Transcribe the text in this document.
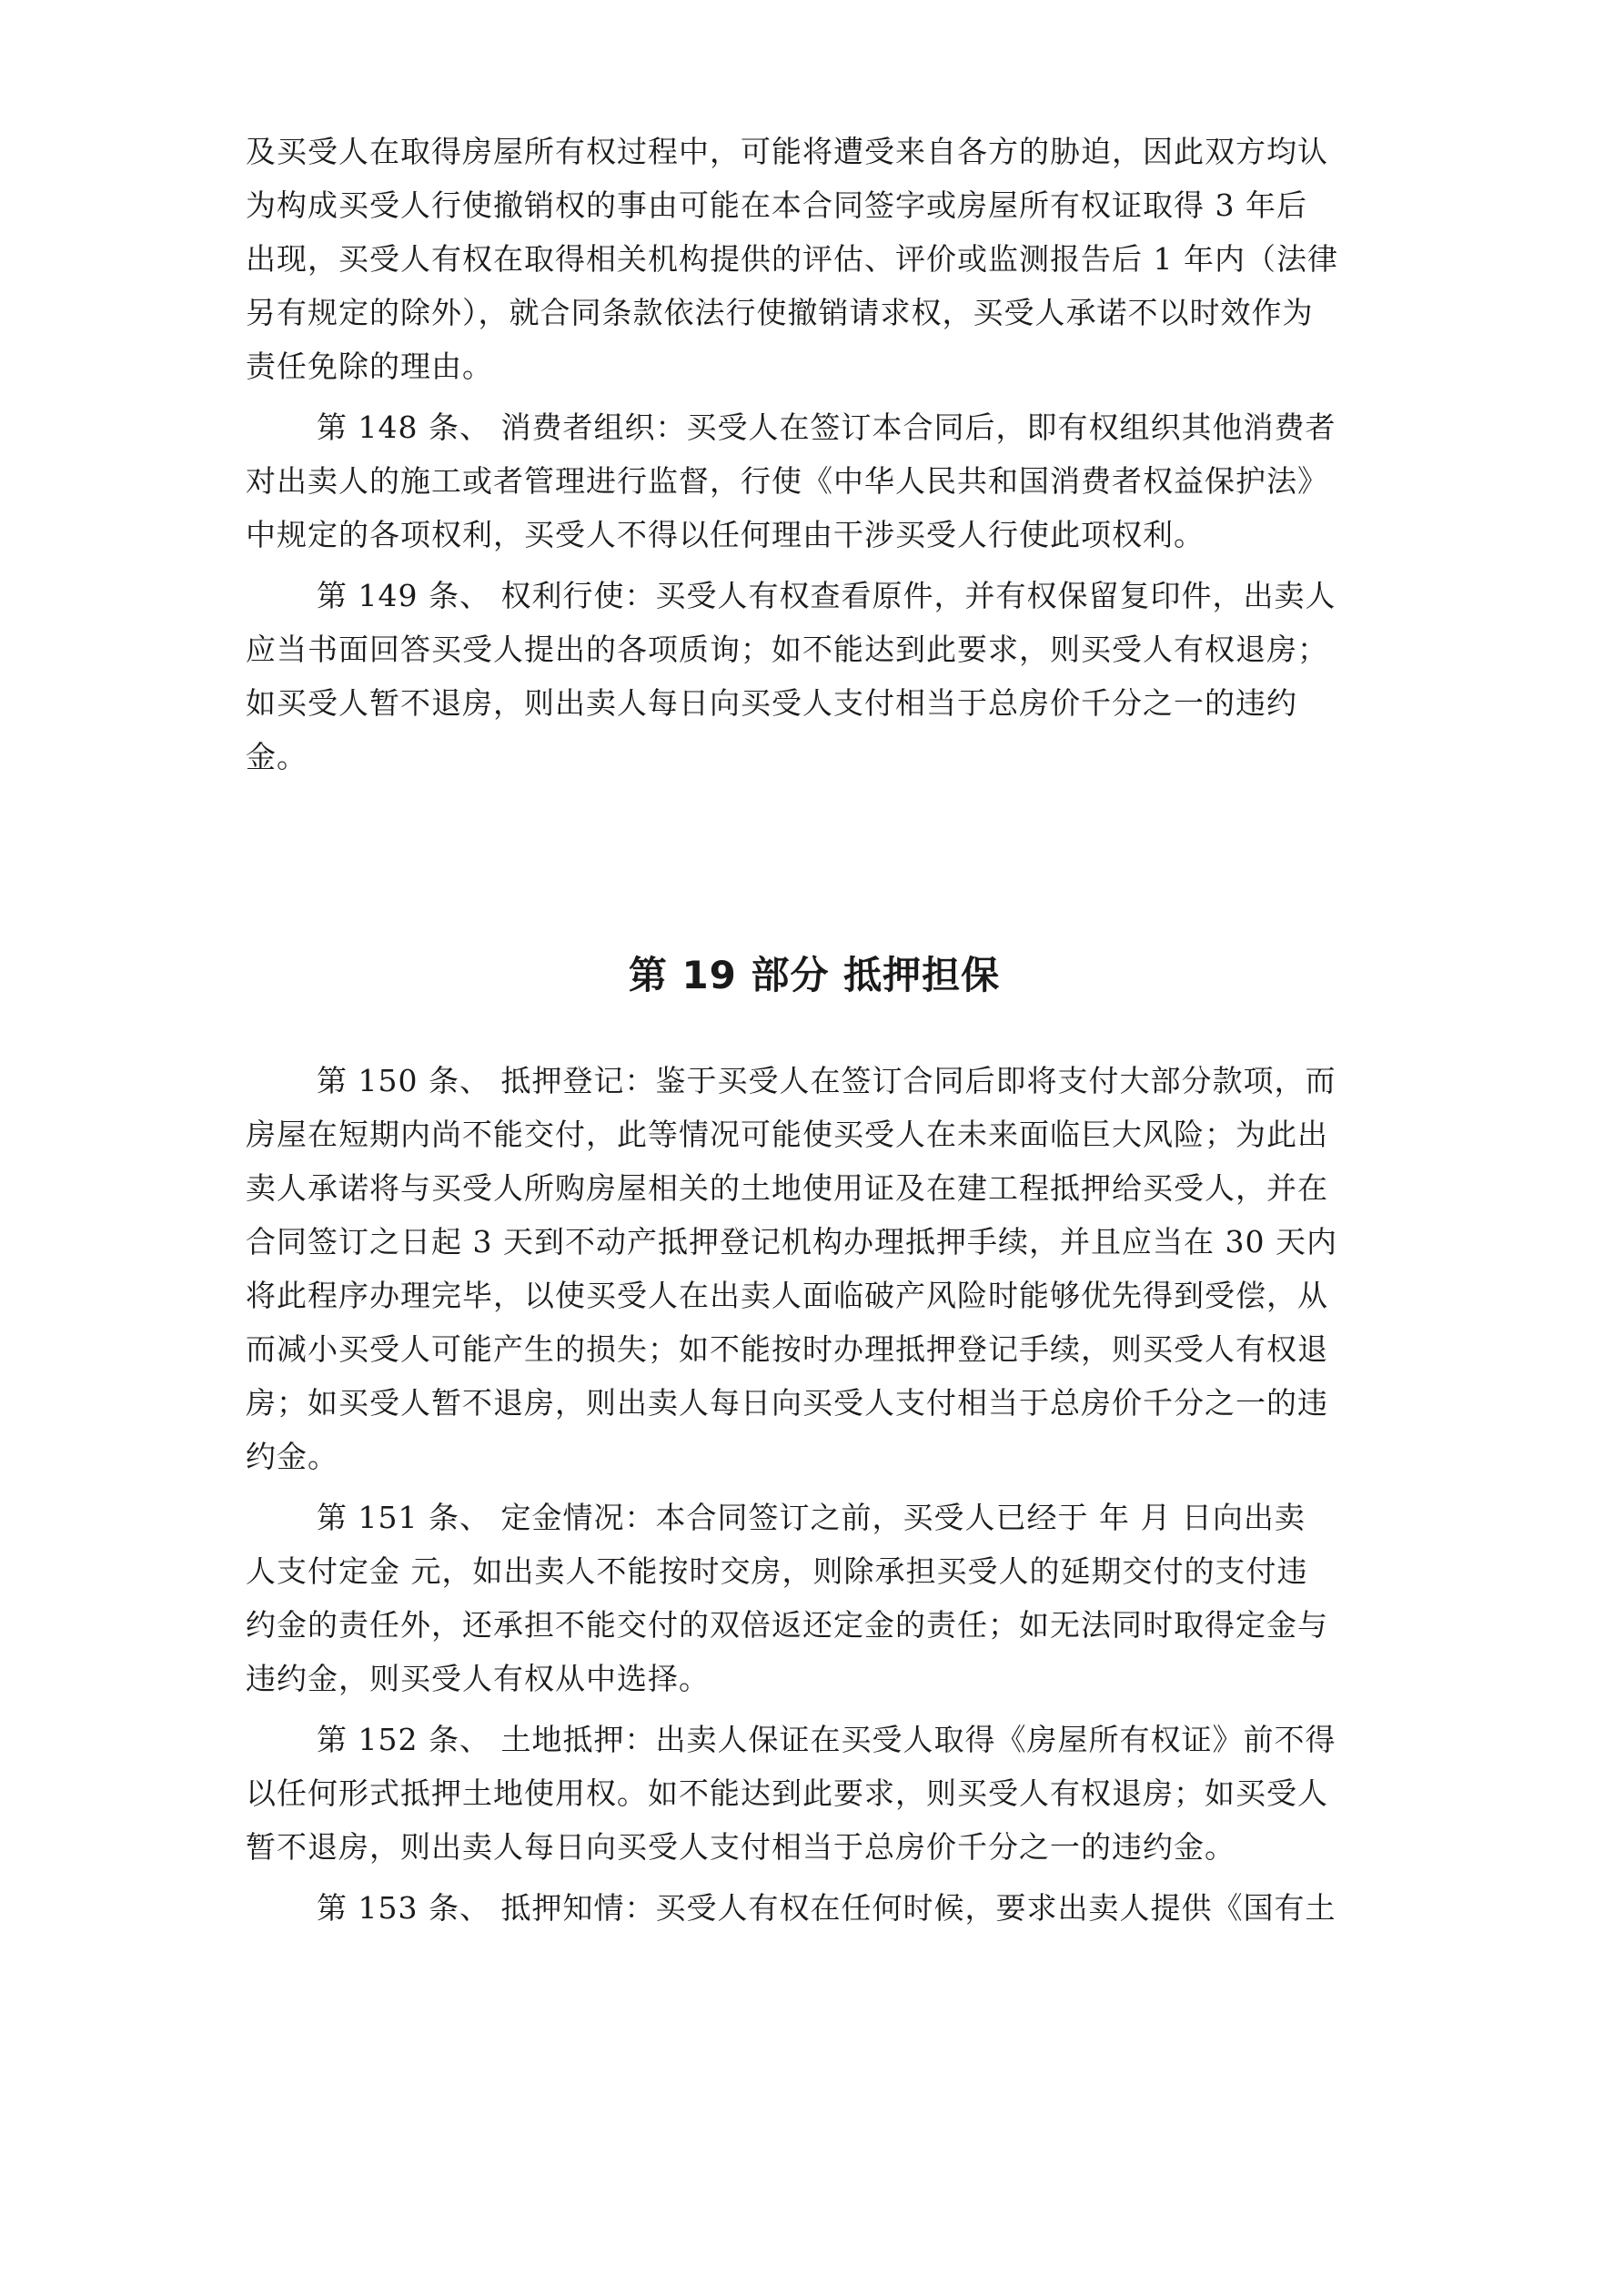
及买受人在取得房屋所有权过程中，可能将遭受来自各方的胁迫，因此双方均认
为构成买受人行使撤销权的事由可能在本合同签字或房屋所有权证取得 3 年后
出现，买受人有权在取得相关机构提供的评估、评价或监测报告后 1 年内（法律
另有规定的除外），就合同条款依法行使撤销请求权，买受人承诺不以时效作为
责任免除的理由。
第 148 条、 消费者组织：买受人在签订本合同后，即有权组织其他消费者
对出卖人的施工或者管理进行监督，行使《中华人民共和国消费者权益保护法》
中规定的各项权利，买受人不得以任何理由干涉买受人行使此项权利。
第 149 条、 权利行使：买受人有权查看原件，并有权保留复印件，出卖人
应当书面回答买受人提出的各项质询；如不能达到此要求，则买受人有权退房；
如买受人暂不退房，则出卖人每日向买受人支付相当于总房价千分之一的违约
金。
第 19 部分 抵押担保
第 150 条、 抵押登记：鉴于买受人在签订合同后即将支付大部分款项，而
房屋在短期内尚不能交付，此等情况可能使买受人在未来面临巨大风险；为此出
卖人承诺将与买受人所购房屋相关的土地使用证及在建工程抵押给买受人，并在
合同签订之日起 3 天到不动产抵押登记机构办理抵押手续，并且应当在 30 天内
将此程序办理完毕，以使买受人在出卖人面临破产风险时能够优先得到受偿，从
而减小买受人可能产生的损失；如不能按时办理抵押登记手续，则买受人有权退
房；如买受人暂不退房，则出卖人每日向买受人支付相当于总房价千分之一的违
约金。
第 151 条、 定金情况：本合同签订之前，买受人已经于 年 月 日向出卖
人支付定金 元，如出卖人不能按时交房，则除承担买受人的延期交付的支付违
约金的责任外，还承担不能交付的双倍返还定金的责任；如无法同时取得定金与
违约金，则买受人有权从中选择。
第 152 条、 土地抵押：出卖人保证在买受人取得《房屋所有权证》前不得
以任何形式抵押土地使用权。如不能达到此要求，则买受人有权退房；如买受人
暂不退房，则出卖人每日向买受人支付相当于总房价千分之一的违约金。
第 153 条、 抵押知情：买受人有权在任何时候，要求出卖人提供《国有土
